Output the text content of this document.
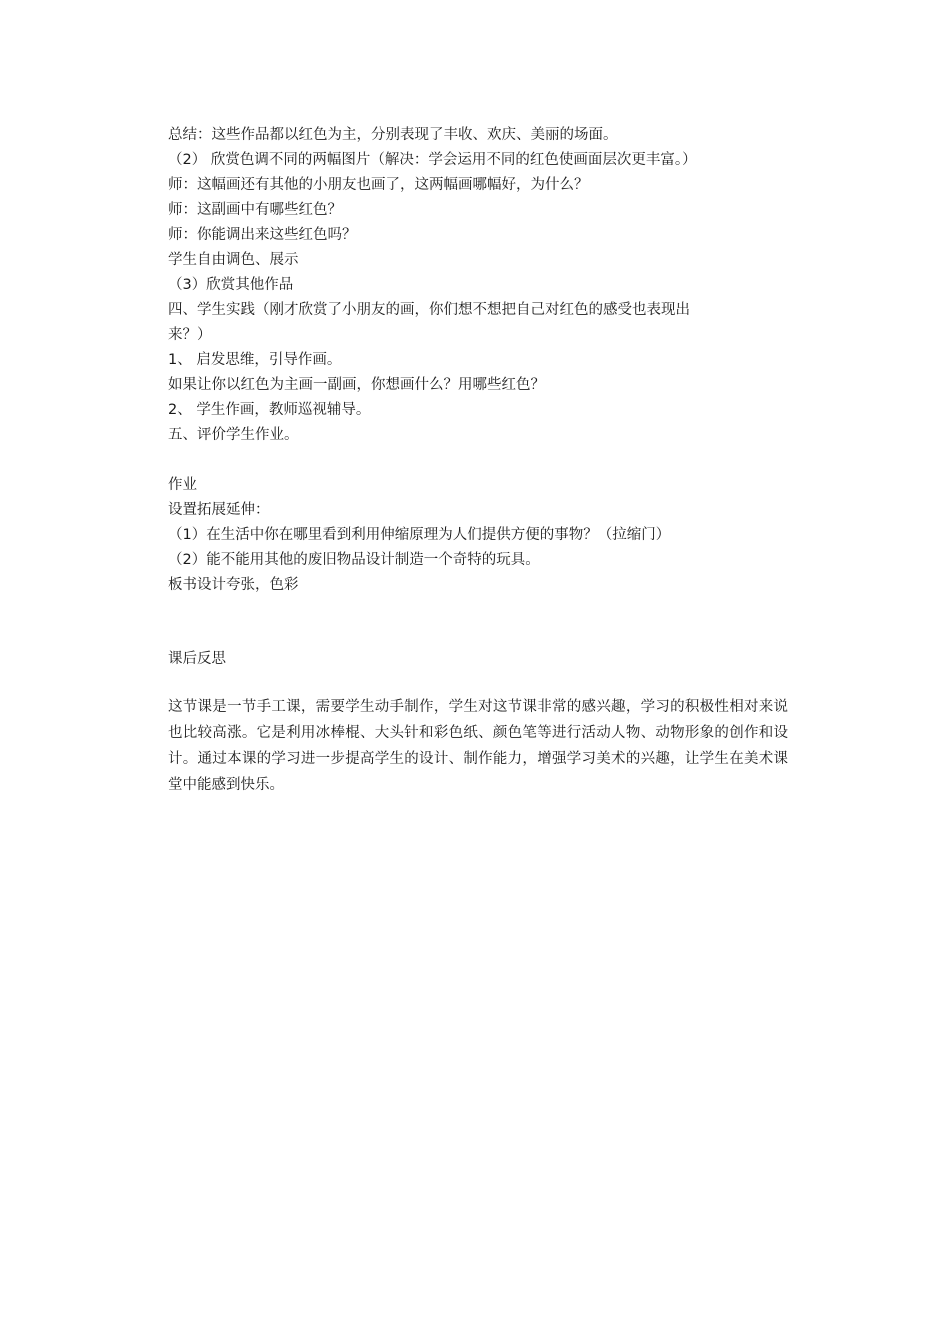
总结：这些作品都以红色为主，分别表现了丰收、欢庆、美丽的场面。
（2） 欣赏色调不同的两幅图片（解决：学会运用不同的红色使画面层次更丰富。）
师：这幅画还有其他的小朋友也画了，这两幅画哪幅好，为什么？
师：这副画中有哪些红色？
师：你能调出来这些红色吗？
学生自由调色、展示
（3）欣赏其他作品
四、学生实践（刚才欣赏了小朋友的画，你们想不想把自己对红色的感受也表现出
来？）
1、 启发思维，引导作画。
如果让你以红色为主画一副画，你想画什么？用哪些红色？
2、 学生作画，教师巡视辅导。
五、评价学生作业。
作业
设置拓展延伸：
（1）在生活中你在哪里看到利用伸缩原理为人们提供方便的事物？（拉缩门）
（2）能不能用其他的废旧物品设计制造一个奇特的玩具。
板书设计夸张，色彩
课后反思
这节课是一节手工课，需要学生动手制作，学生对这节课非常的感兴趣，学习的积极性相对来说也比较高涨。它是利用冰棒棍、大头针和彩色纸、颜色笔等进行活动人物、动物形象的创作和设计。通过本课的学习进一步提高学生的设计、制作能力，增强学习美术的兴趣，让学生在美术课堂中能感到快乐。
